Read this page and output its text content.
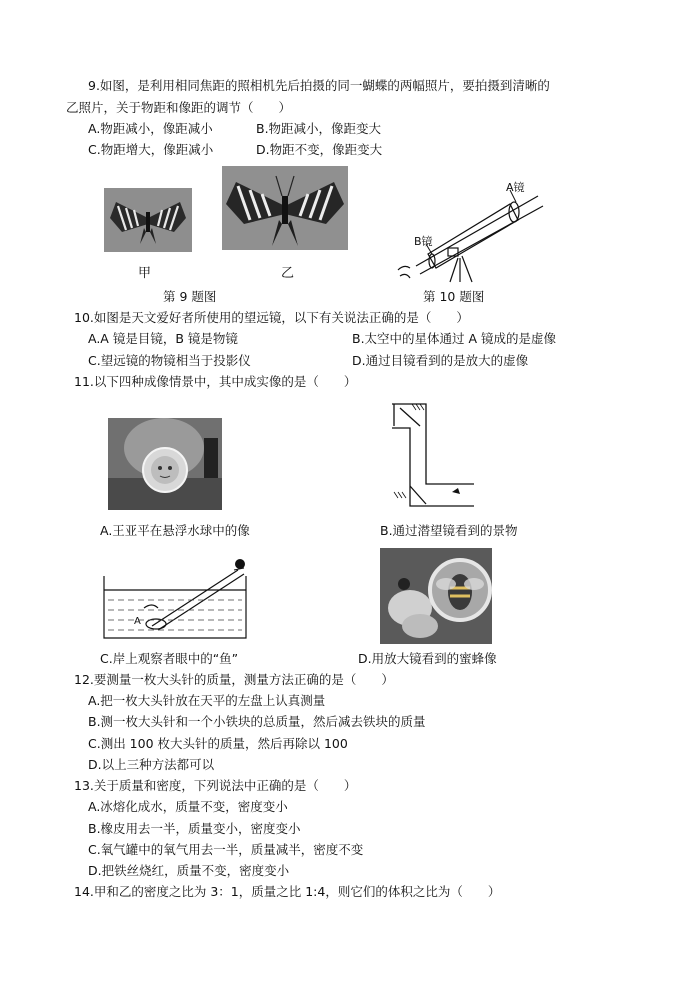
9.如图，是利用相同焦距的照相机先后拍摄的同一蝴蝶的两幅照片，要拍摄到清晰的
乙照片，关于物距和像距的调节（　　）
A.物距减小，像距减小	B.物距减小，像距变大
C.物距增大，像距减小	D.物距不变，像距变大
甲	乙
第 9 题图
A镜
B镜
第 10 题图
10.如图是天文爱好者所使用的望远镜，以下有关说法正确的是（　　）
A.A 镜是目镜，B 镜是物镜	B.太空中的星体通过 A 镜成的是虚像
C.望远镜的物镜相当于投影仪	D.通过目镜看到的是放大的虚像
11.以下四种成像情景中，其中成实像的是（　　）
A.王亚平在悬浮水球中的像	B.通过潜望镜看到的景物
A
C.岸上观察者眼中的“鱼”	D.用放大镜看到的蜜蜂像
12.要测量一枚大头针的质量，测量方法正确的是（　　）
A.把一枚大头针放在天平的左盘上认真测量
B.测一枚大头针和一个小铁块的总质量，然后减去铁块的质量
C.测出 100 枚大头针的质量，然后再除以 100
D.以上三种方法都可以
13.关于质量和密度，下列说法中正确的是（　　）
A.冰熔化成水，质量不变，密度变小
B.橡皮用去一半，质量变小，密度变小
C.氧气罐中的氧气用去一半，质量减半，密度不变
D.把铁丝烧红，质量不变，密度变小
14.甲和乙的密度之比为 3：1，质量之比 1:4，则它们的体积之比为（　　）
